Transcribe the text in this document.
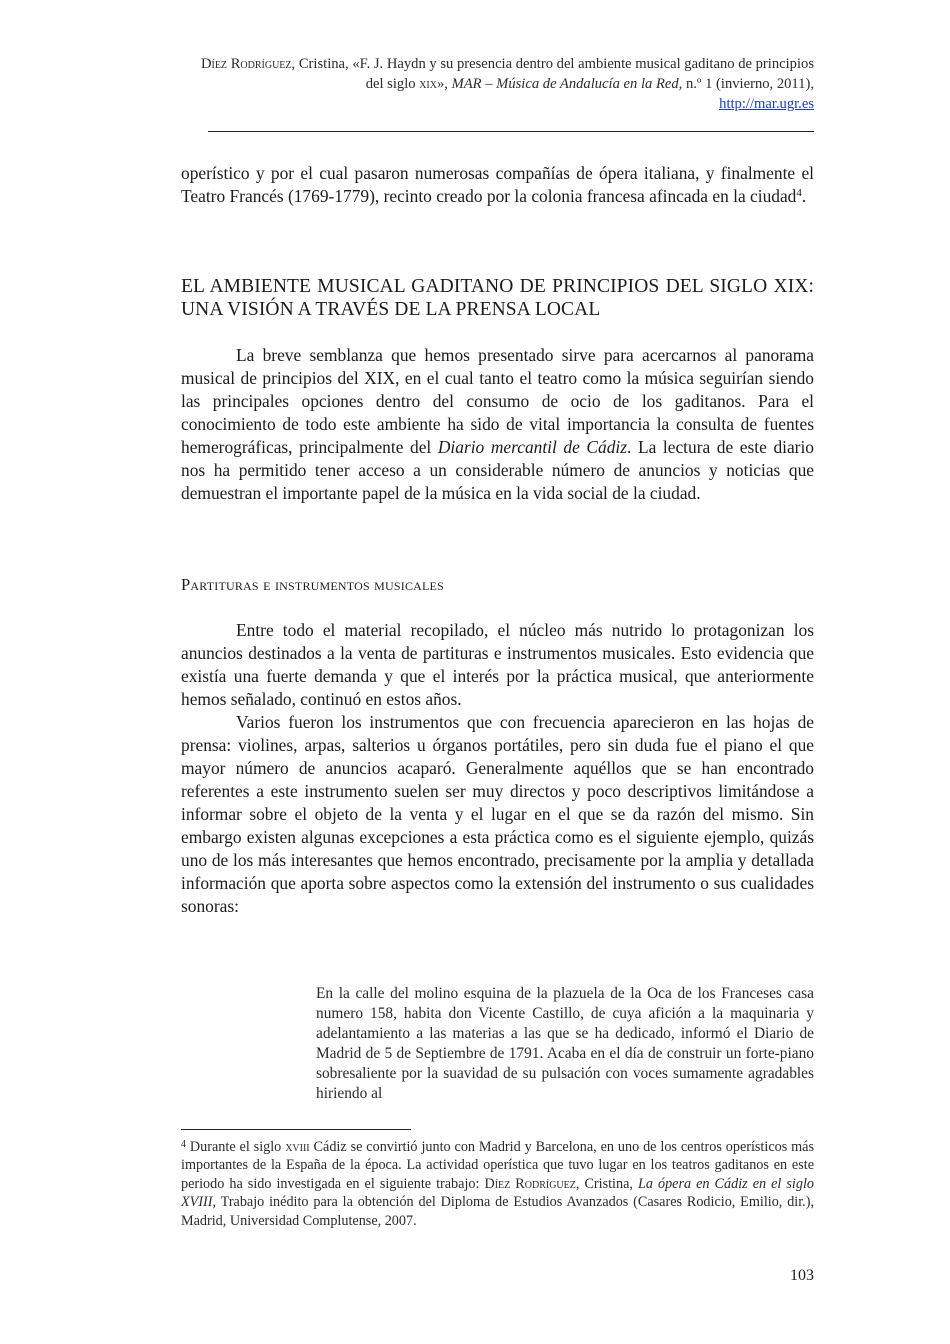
Díez Rodríguez, Cristina, «F. J. Haydn y su presencia dentro del ambiente musical gaditano de principios del siglo xix», MAR – Música de Andalucía en la Red, n.º 1 (invierno, 2011),
http://mar.ugr.es

operístico y por el cual pasaron numerosas compañías de ópera italiana, y finalmente el Teatro Francés (1769-1779), recinto creado por la colonia francesa afincada en la ciudad$^4$.

EL AMBIENTE MUSICAL GADITANO DE PRINCIPIOS DEL SIGLO XIX: UNA VISIÓN A TRAVÉS DE LA PRENSA LOCAL

La breve semblanza que hemos presentado sirve para acercarnos al panorama musical de principios del XIX, en el cual tanto el teatro como la música seguirían siendo las principales opciones dentro del consumo de ocio de los gaditanos. Para el conocimiento de todo este ambiente ha sido de vital importancia la consulta de fuentes hemerográficas, principalmente del Diario mercantil de Cádiz. La lectura de este diario nos ha permitido tener acceso a un considerable número de anuncios y noticias que demuestran el importante papel de la música en la vida social de la ciudad.

Partituras e instrumentos musicales

Entre todo el material recopilado, el núcleo más nutrido lo protagonizan los anuncios destinados a la venta de partituras e instrumentos musicales. Esto evidencia que existía una fuerte demanda y que el interés por la práctica musical, que anteriormente hemos señalado, continuó en estos años.

Varios fueron los instrumentos que con frecuencia aparecieron en las hojas de prensa: violines, arpas, salterios u órganos portátiles, pero sin duda fue el piano el que mayor número de anuncios acaparó. Generalmente aquéllos que se han encontrado referentes a este instrumento suelen ser muy directos y poco descriptivos limitándose a informar sobre el objeto de la venta y el lugar en el que se da razón del mismo. Sin embargo existen algunas excepciones a esta práctica como es el siguiente ejemplo, quizás uno de los más interesantes que hemos encontrado, precisamente por la amplia y detallada información que aporta sobre aspectos como la extensión del instrumento o sus cualidades sonoras:

En la calle del molino esquina de la plazuela de la Oca de los Franceses casa numero 158, habita don Vicente Castillo, de cuya afición a la maquinaria y adelantamiento a las materias a las que se ha dedicado, informó el Diario de Madrid de 5 de Septiembre de 1791. Acaba en el día de construir un forte-piano sobresaliente por la suavidad de su pulsación con voces sumamente agradables hiriendo al

$^4$ Durante el siglo xviii Cádiz se convirtió junto con Madrid y Barcelona, en uno de los centros operísticos más importantes de la España de la época. La actividad operística que tuvo lugar en los teatros gaditanos en este periodo ha sido investigada en el siguiente trabajo: Díez Rodríguez, Cristina, La ópera en Cádiz en el siglo XVIII, Trabajo inédito para la obtención del Diploma de Estudios Avanzados (Casares Rodicio, Emilio, dir.), Madrid, Universidad Complutense, 2007.

103
